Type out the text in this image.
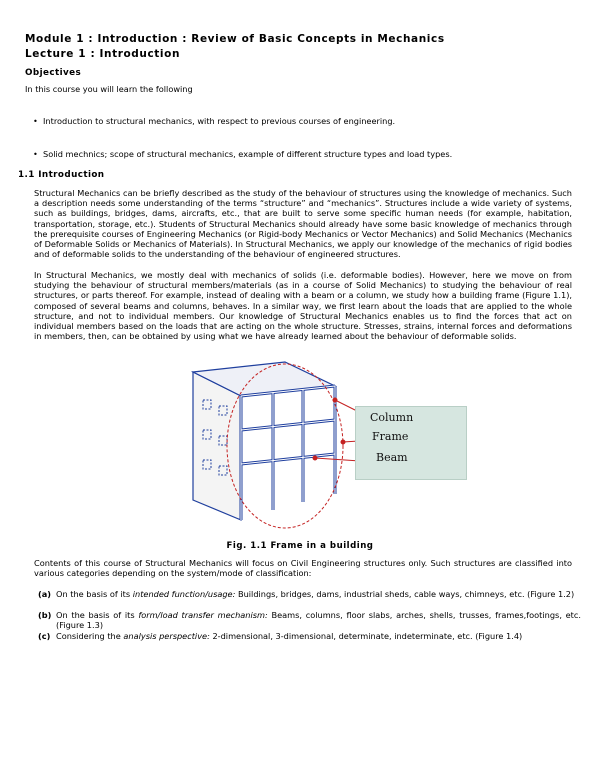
Module 1 : Introduction : Review of Basic Concepts in Mechanics
Lecture 1 : Introduction
Objectives
In this course you will learn the following
• Introduction to structural mechanics, with respect to previous courses of engineering.
• Solid mechnics; scope of structural mechanics, example of different structure types and load types.
1.1 Introduction
Structural Mechanics can be briefly described as the study of the behaviour of structures using the knowledge of mechanics. Such a description needs some understanding of the terms “structure” and “mechanics”. Structures include a wide variety of systems, such as buildings, bridges, dams, aircrafts, etc., that are built to serve some specific human needs (for example, habitation, transportation, storage, etc.). Students of Structural Mechanics should already have some basic knowledge of mechanics through the prerequisite courses of Engineering Mechanics (or Rigid-body Mechanics or Vector Mechanics) and Solid Mechanics (Mechanics of Deformable Solids or Mechanics of Materials). In Structural Mechanics, we apply our knowledge of the mechanics of rigid bodies and of deformable solids to the understanding of the behaviour of engineered structures.
In Structural Mechanics, we mostly deal with mechanics of solids (i.e. deformable bodies). However, here we move on from studying the behaviour of structural members/materials (as in a course of Solid Mechanics) to studying the behaviour of real structures, or parts thereof. For example, instead of dealing with a beam or a column, we study how a building frame (Figure 1.1), composed of several beams and columns, behaves. In a similar way, we first learn about the loads that are applied to the whole structure, and not to individual members. Our knowledge of Structural Mechanics enables us to find the forces that act on individual members based on the loads that are acting on the whole structure. Stresses, strains, internal forces and deformations in members, then, can be obtained by using what we have already learned about the behaviour of deformable solids.
Column
Frame
Beam
Fig. 1.1 Frame in a building
Contents of this course of Structural Mechanics will focus on Civil Engineering structures only. Such structures are classified into various categories depending on the system/mode of classification:
(a) On the basis of its intended function/usage: Buildings, bridges, dams, industrial sheds, cable ways, chimneys, etc. (Figure 1.2)
(b) On the basis of its form/load transfer mechanism: Beams, columns, floor slabs, arches, shells, trusses, frames,footings, etc. (Figure 1.3)
(c) Considering the analysis perspective: 2-dimensional, 3-dimensional, determinate, indeterminate, etc. (Figure 1.4)
